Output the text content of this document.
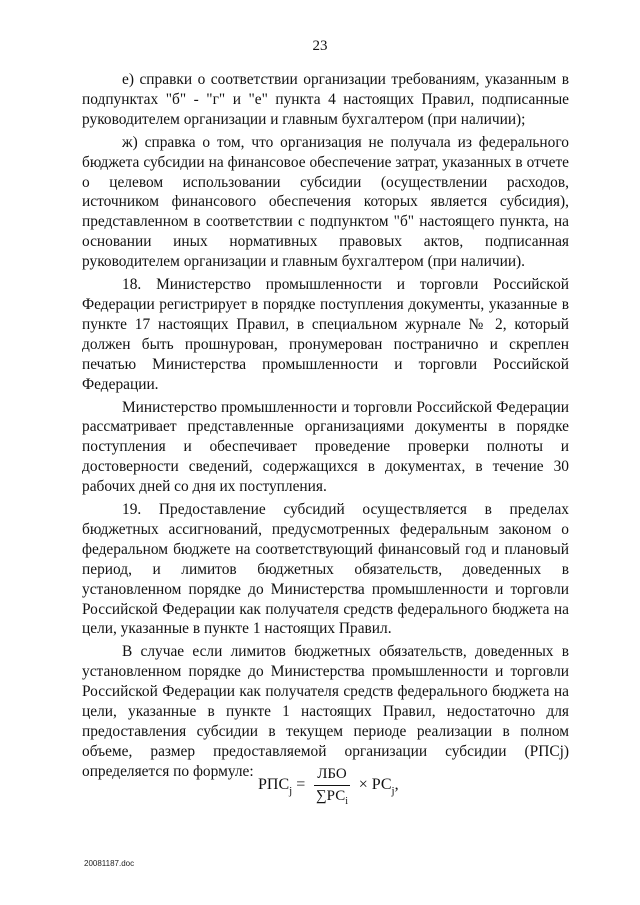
23

е) справки о соответствии организации требованиям, указанным в подпунктах "б" - "г" и "е" пункта 4 настоящих Правил, подписанные руководителем организации и главным бухгалтером (при наличии);

ж) справка о том, что организация не получала из федерального бюджета субсидии на финансовое обеспечение затрат, указанных в отчете о целевом использовании субсидии (осуществлении расходов, источником финансового обеспечения которых является субсидия), представленном в соответствии с подпунктом "б" настоящего пункта, на основании иных нормативных правовых актов, подписанная руководителем организации и главным бухгалтером (при наличии).

18. Министерство промышленности и торговли Российской Федерации регистрирует в порядке поступления документы, указанные в пункте 17 настоящих Правил, в специальном журнале № 2, который должен быть прошнурован, пронумерован постранично и скреплен печатью Министерства промышленности и торговли Российской Федерации.

Министерство промышленности и торговли Российской Федерации рассматривает представленные организациями документы в порядке поступления и обеспечивает проведение проверки полноты и достоверности сведений, содержащихся в документах, в течение 30 рабочих дней со дня их поступления.

19. Предоставление субсидий осуществляется в пределах бюджетных ассигнований, предусмотренных федеральным законом о федеральном бюджете на соответствующий финансовый год и плановый период, и лимитов бюджетных обязательств, доведенных в установленном порядке до Министерства промышленности и торговли Российской Федерации как получателя средств федерального бюджета на цели, указанные в пункте 1 настоящих Правил.

В случае если лимитов бюджетных обязательств, доведенных в установленном порядке до Министерства промышленности и торговли Российской Федерации как получателя средств федерального бюджета на цели, указанные в пункте 1 настоящих Правил, недостаточно для предоставления субсидии в текущем периоде реализации в полном объеме, размер предоставляемой организации субсидии (РПСj) определяется по формуле:

$РПС_j = \frac{\text{ЛБО}}{\sum РС_i} \times РС_j$ ,
20081187.doc
